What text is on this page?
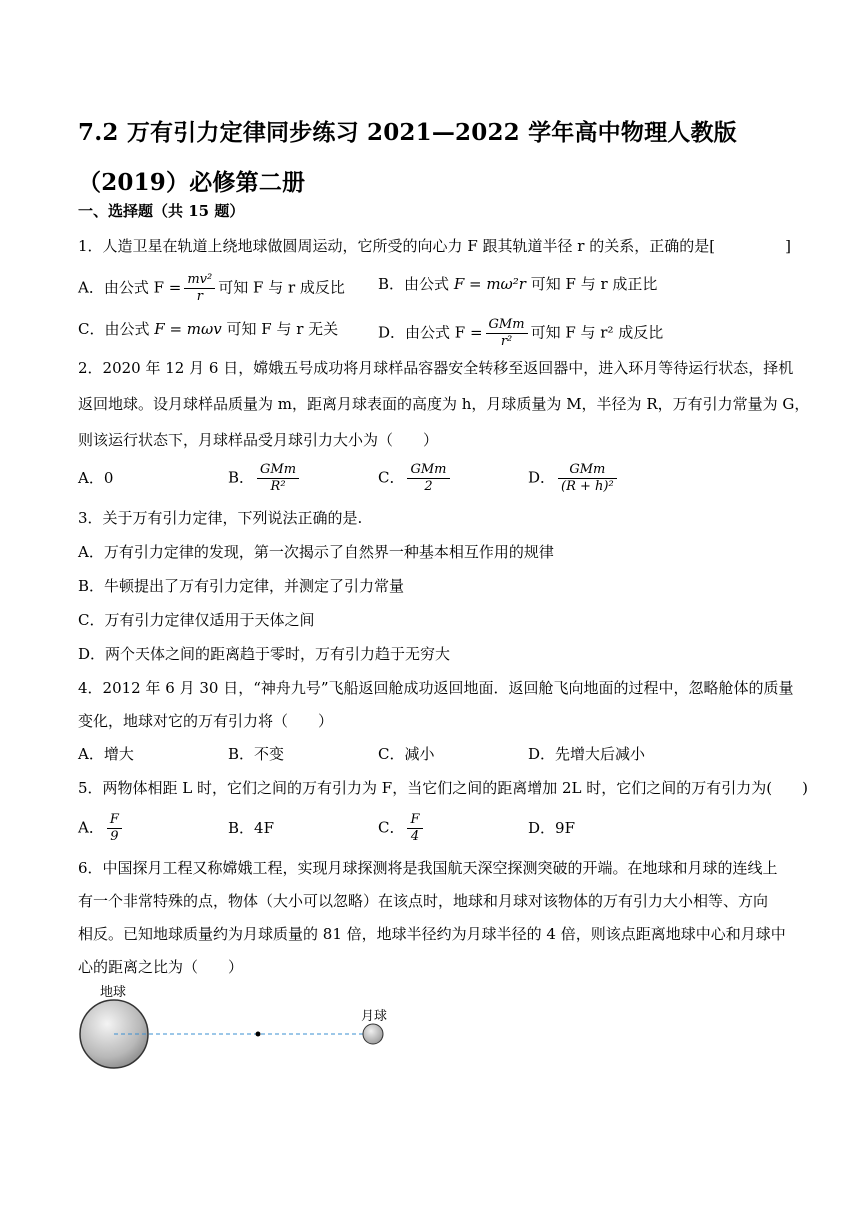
7.2 万有引力定律同步练习 2021—2022 学年高中物理人教版（2019）必修第二册
一、选择题（共 15 题）
1．人造卫星在轨道上绕地球做圆周运动，它所受的向心力 F 跟其轨道半径 r 的关系，正确的是[	]
A．由公式 $F = \frac{\text{mv²}}{r}$ 可知 F 与 r 成反比 B．由公式 F = mω²r 可知 F 与 r 成正比
C．由公式 F = mωv 可知 F 与 r 无关	D．由公式 $F = \frac{\text{GMm}}{\text{r²}}$ 可知 F 与 r² 成反比
2．2020 年 12 月 6 日，嫦娥五号成功将月球样品容器安全转移至返回器中，进入环月等待运行状态，择机
返回地球。设月球样品质量为 m，距离月球表面的高度为 h，月球质量为 M，半径为 R，万有引力常量为 G，
则该运行状态下，月球样品受月球引力大小为（　　）
A．0	B． $\frac{\text{GMm}}{\text{R²}}$	C． $\frac{\text{GMm}}{2}$	D． $\frac{\text{GMm}}{\text{(R + h)²}}$
3．关于万有引力定律，下列说法正确的是.
A．万有引力定律的发现，第一次揭示了自然界一种基本相互作用的规律
B．牛顿提出了万有引力定律，并测定了引力常量
C．万有引力定律仅适用于天体之间
D．两个天体之间的距离趋于零时，万有引力趋于无穷大
4．2012 年 6 月 30 日，“神舟九号”飞船返回舱成功返回地面．返回舱飞向地面的过程中，忽略舱体的质量
变化，地球对它的万有引力将（　　）
A．增大	B．不变	C．减小	D．先增大后减小
5．两物体相距 L 时，它们之间的万有引力为 F，当它们之间的距离增加 2L 时，它们之间的万有引力为(　　)
A． $\frac{F}{9}$	B．4F	C． $\frac{F}{4}$	D．9F
6．中国探月工程又称嫦娥工程，实现月球探测将是我国航天深空探测突破的开端。在地球和月球的连线上
有一个非常特殊的点，物体（大小可以忽略）在该点时，地球和月球对该物体的万有引力大小相等、方向
相反。已知地球质量约为月球质量的 81 倍，地球半径约为月球半径的 4 倍，则该点距离地球中心和月球中
心的距离之比为（　　）
地球
月球
